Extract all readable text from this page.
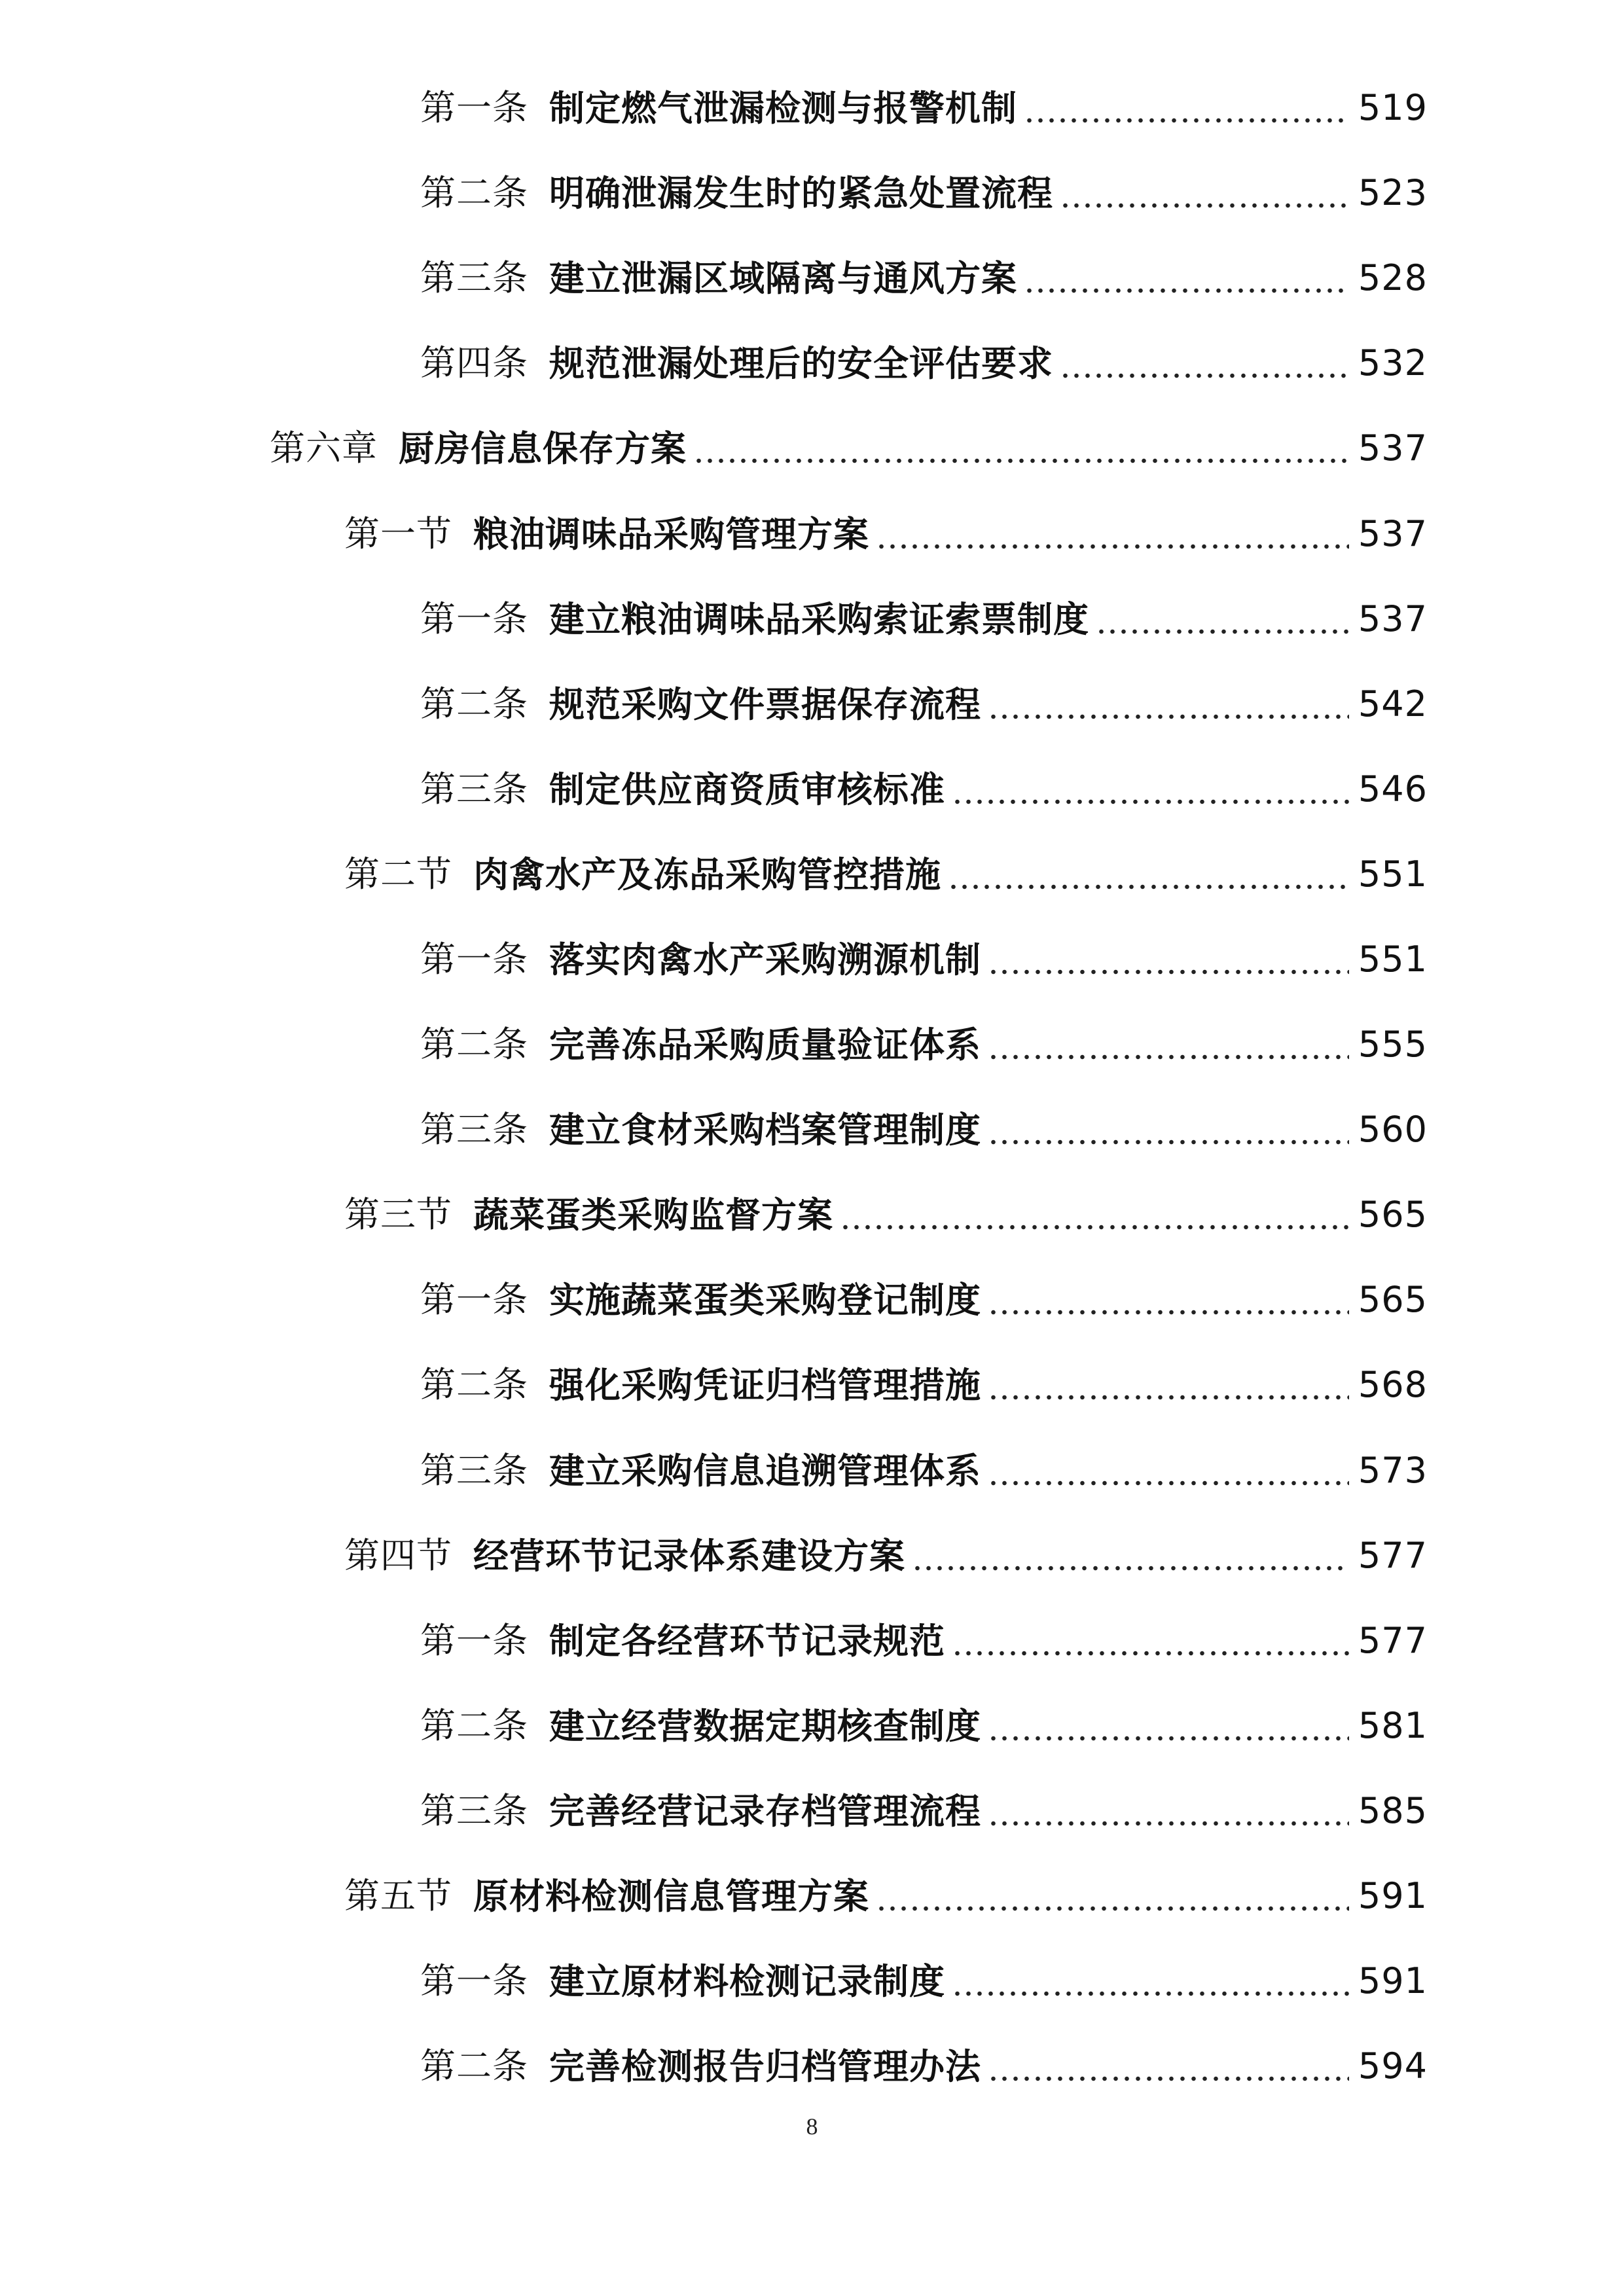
第一条 制定燃气泄漏检测与报警机制	519
第二条 明确泄漏发生时的紧急处置流程	523
第三条 建立泄漏区域隔离与通风方案	528
第四条 规范泄漏处理后的安全评估要求	532
第六章 厨房信息保存方案	537
第一节 粮油调味品采购管理方案	537
第一条 建立粮油调味品采购索证索票制度	537
第二条 规范采购文件票据保存流程	542
第三条 制定供应商资质审核标准	546
第二节 肉禽水产及冻品采购管控措施	551
第一条 落实肉禽水产采购溯源机制	551
第二条 完善冻品采购质量验证体系	555
第三条 建立食材采购档案管理制度	560
第三节 蔬菜蛋类采购监督方案	565
第一条 实施蔬菜蛋类采购登记制度	565
第二条 强化采购凭证归档管理措施	568
第三条 建立采购信息追溯管理体系	573
第四节 经营环节记录体系建设方案	577
第一条 制定各经营环节记录规范	577
第二条 建立经营数据定期核查制度	581
第三条 完善经营记录存档管理流程	585
第五节 原材料检测信息管理方案	591
第一条 建立原材料检测记录制度	591
第二条 完善检测报告归档管理办法	594
8
